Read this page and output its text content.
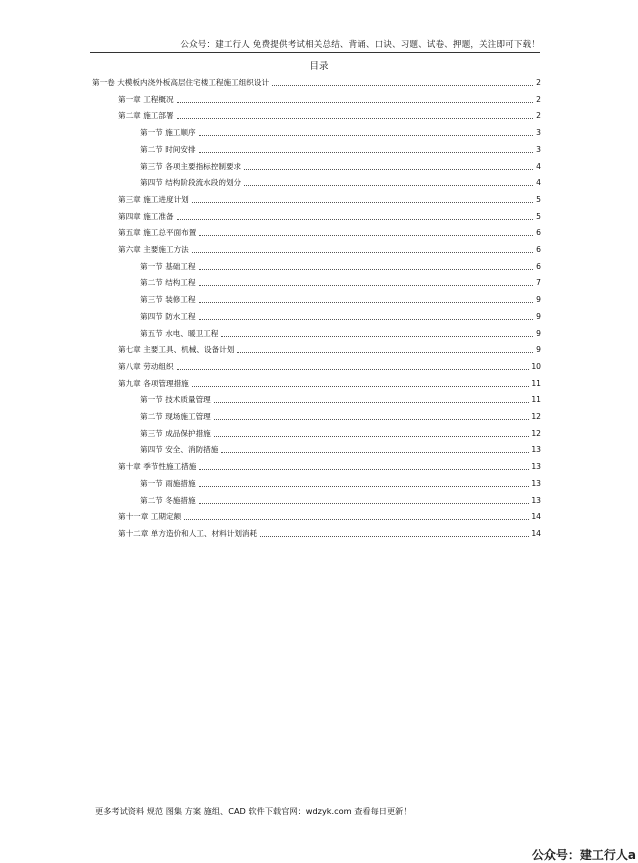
公众号：建工行人 免费提供考试相关总结、背诵、口诀、习题、试卷、押题，关注即可下载！
目录
第一卷 大模板内浇外板高层住宅楼工程施工组织设计	2
第一章 工程概况	2
第二章 施工部署	2
第一节 施工顺序	3
第二节 时间安排	3
第三节 各项主要指标控制要求	4
第四节 结构阶段流水段的划分	4
第三章 施工进度计划	5
第四章 施工准备	5
第五章 施工总平面布置	6
第六章 主要施工方法	6
第一节 基础工程	6
第二节 结构工程	7
第三节 装修工程	9
第四节 防水工程	9
第五节 水电、暖卫工程	9
第七章 主要工具、机械、设备计划	9
第八章 劳动组织	10
第九章 各项管理措施	11
第一节 技术质量管理	11
第二节 现场施工管理	12
第三节 成品保护措施	12
第四节 安全、消防措施	13
第十章 季节性施工措施	13
第一节 雨施措施	13
第二节 冬施措施	13
第十一章 工期定额	14
第十二章 单方造价和人工、材料计划消耗	14
更多考试资料 规范 图集 方案 施组、CAD 软件下载官网：wdzyk.com 查看每日更新！
公众号：建工行人a
